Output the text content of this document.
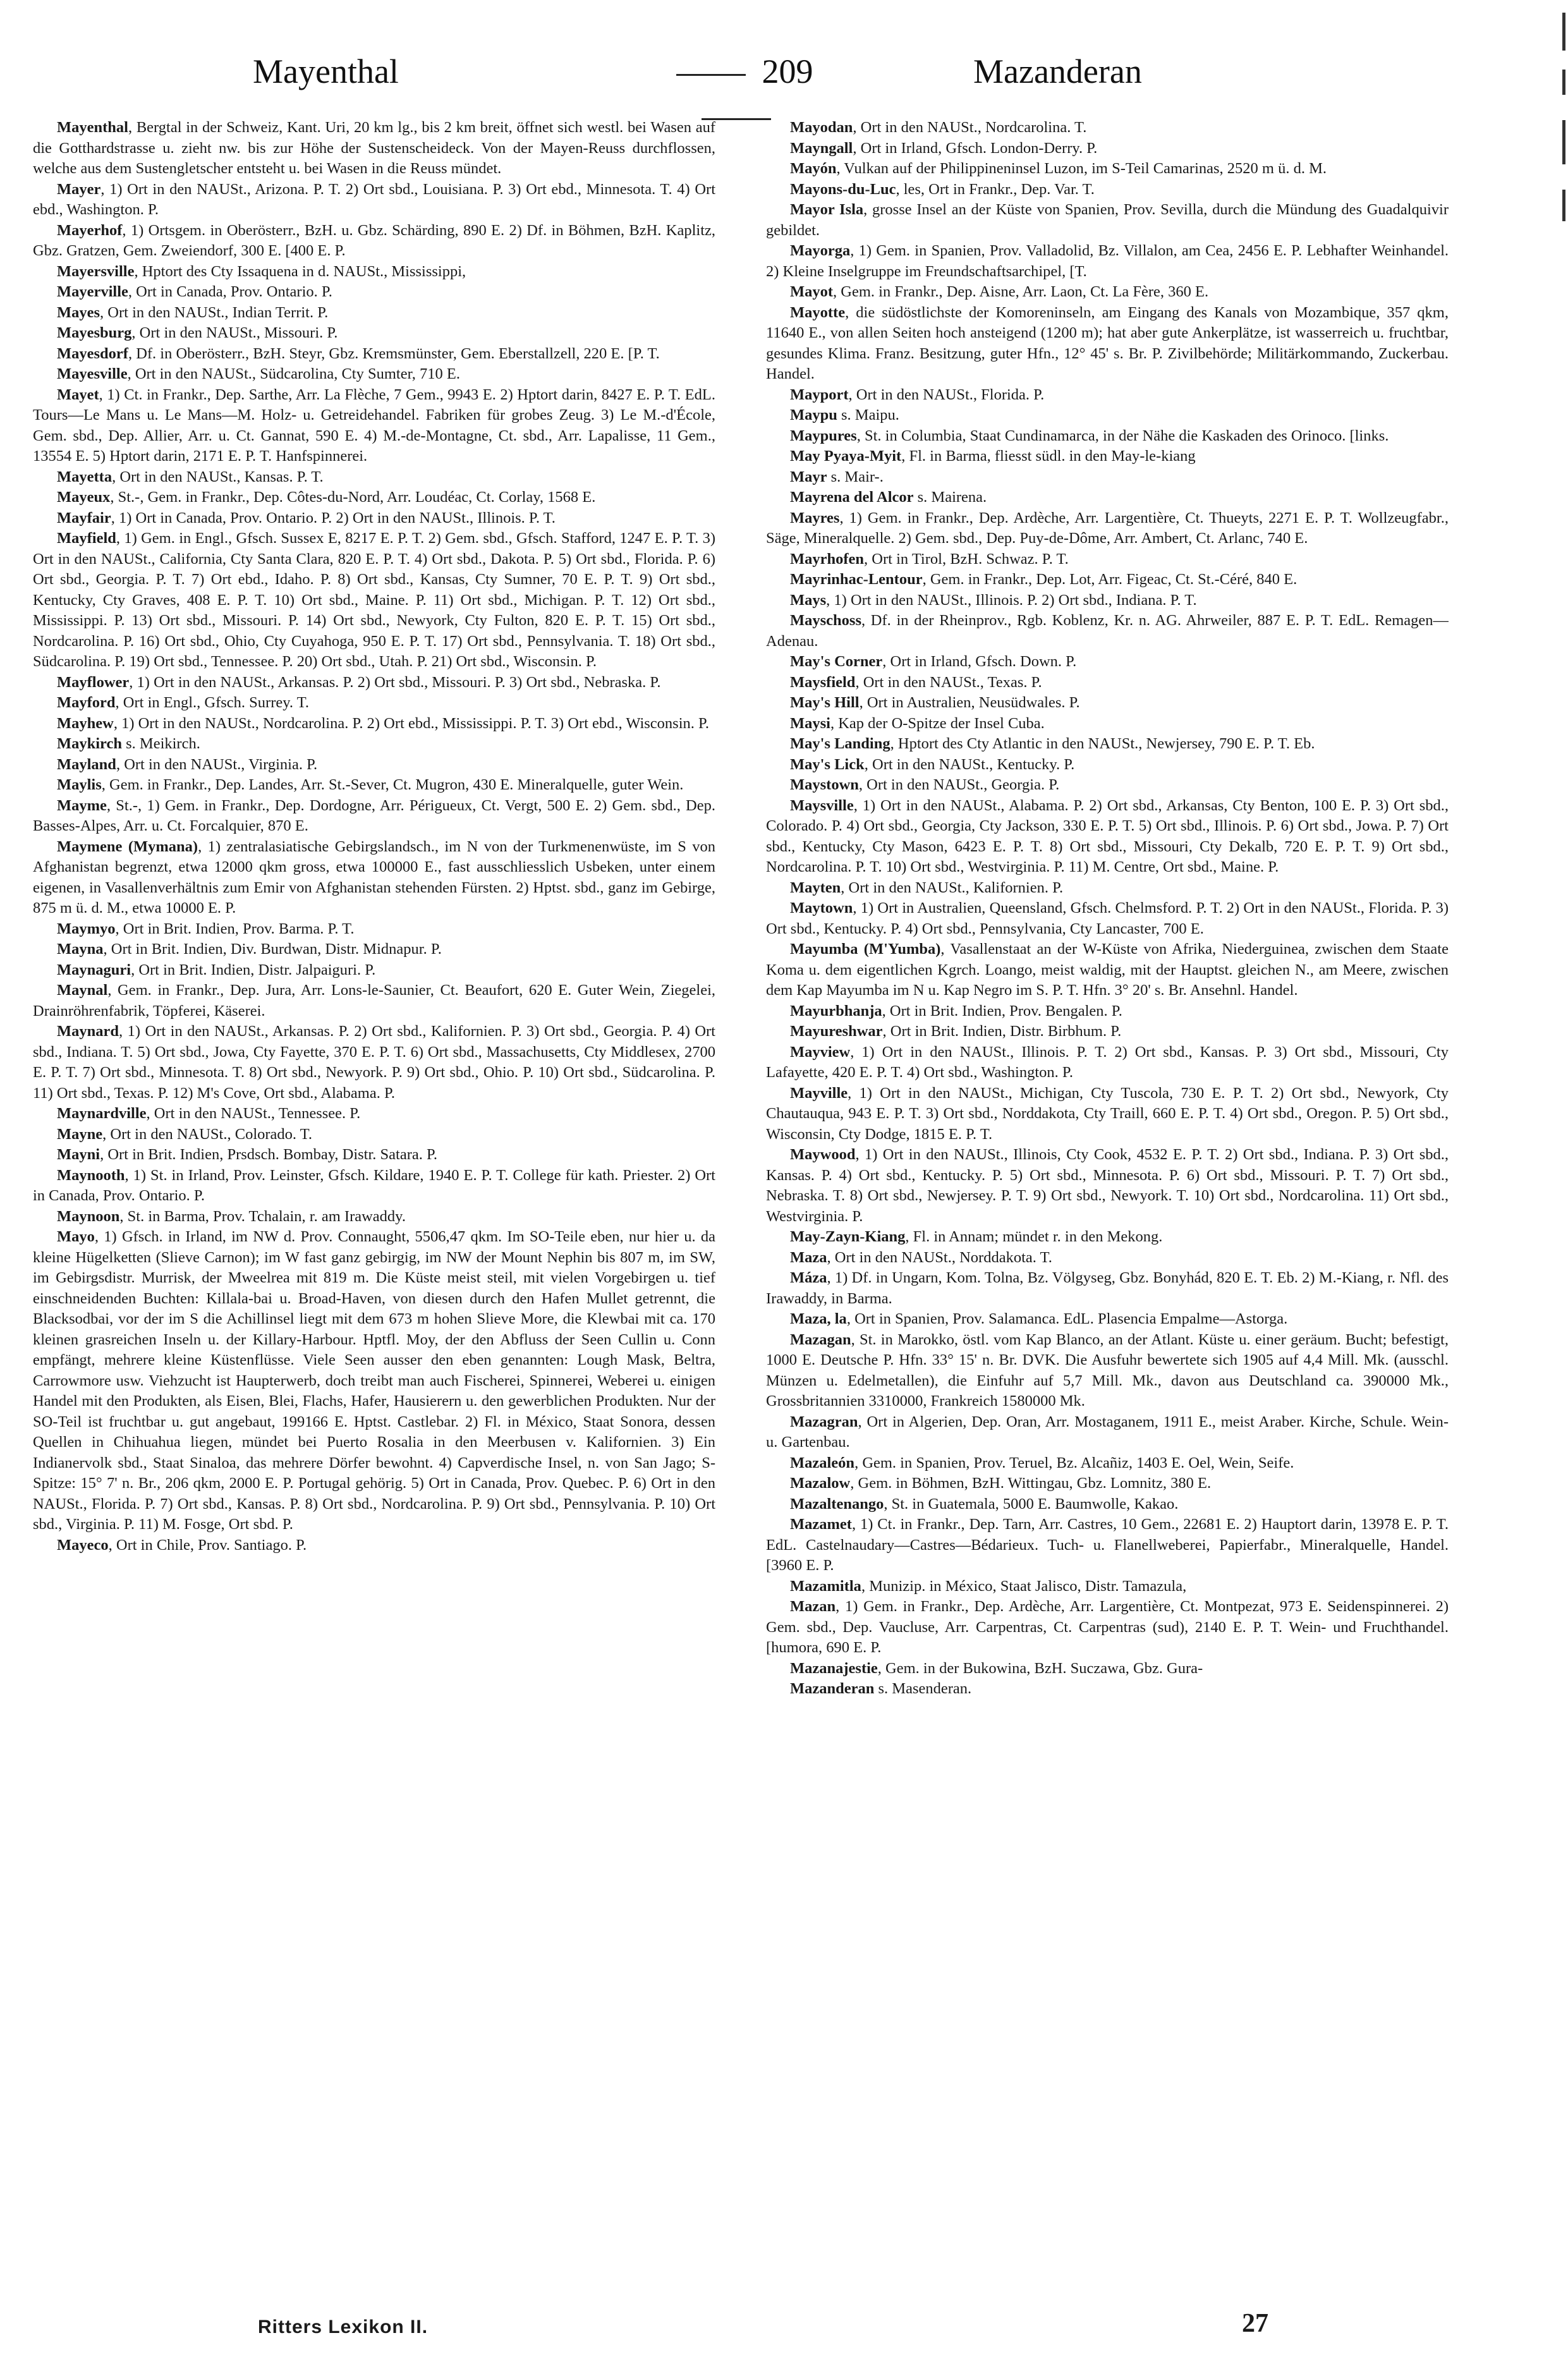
Mayenthal	209	Mazanderan

Mayenthal, Bergtal in der Schweiz, Kant. Uri, 20 km lg., bis 2 km breit, öffnet sich westl. bei Wasen auf die Gotthardstrasse u. zieht nw. bis zur Höhe der Sustenscheideck. Von der Mayen-Reuss durchflossen, welche aus dem Sustengletscher entsteht u. bei Wasen in die Reuss mündet.

Mayer, 1) Ort in den NAUSt., Arizona. P. T. 2) Ort sbd., Louisiana. P. 3) Ort ebd., Minnesota. T. 4) Ort ebd., Washington. P.

Mayerhof, 1) Ortsgem. in Oberösterr., BzH. u. Gbz. Schärding, 890 E. 2) Df. in Böhmen, BzH. Kaplitz, Gbz. Gratzen, Gem. Zweiendorf, 300 E. [400 E. P.

Mayersville, Hptort des Cty Issaquena in d. NAUSt., Mississippi,

Mayerville, Ort in Canada, Prov. Ontario. P.

Mayes, Ort in den NAUSt., Indian Territ. P.

Mayesburg, Ort in den NAUSt., Missouri. P.

Mayesdorf, Df. in Oberösterr., BzH. Steyr, Gbz. Kremsmünster, Gem. Eberstallzell, 220 E. [P. T.

Mayesville, Ort in den NAUSt., Südcarolina, Cty Sumter, 710 E.

Mayet, 1) Ct. in Frankr., Dep. Sarthe, Arr. La Flèche, 7 Gem., 9943 E. 2) Hptort darin, 8427 E. P. T. EdL. Tours—Le Mans u. Le Mans—M. Holz- u. Getreidehandel. Fabriken für grobes Zeug. 3) Le M.-d'École, Gem. sbd., Dep. Allier, Arr. u. Ct. Gannat, 590 E. 4) M.-de-Montagne, Ct. sbd., Arr. Lapalisse, 11 Gem., 13554 E. 5) Hptort darin, 2171 E. P. T. Hanfspinnerei.

Mayetta, Ort in den NAUSt., Kansas. P. T.

Mayeux, St.-, Gem. in Frankr., Dep. Côtes-du-Nord, Arr. Loudéac, Ct. Corlay, 1568 E.

Mayfair, 1) Ort in Canada, Prov. Ontario. P. 2) Ort in den NAUSt., Illinois. P. T.

Mayfield, 1) Gem. in Engl., Gfsch. Sussex E, 8217 E. P. T. 2) Gem. sbd., Gfsch. Stafford, 1247 E. P. T. 3) Ort in den NAUSt., California, Cty Santa Clara, 820 E. P. T. 4) Ort sbd., Dakota. P. 5) Ort sbd., Florida. P. 6) Ort sbd., Georgia. P. T. 7) Ort ebd., Idaho. P. 8) Ort sbd., Kansas, Cty Sumner, 70 E. P. T. 9) Ort sbd., Kentucky, Cty Graves, 408 E. P. T. 10) Ort sbd., Maine. P. 11) Ort sbd., Michigan. P. T. 12) Ort sbd., Mississippi. P. 13) Ort sbd., Missouri. P. 14) Ort sbd., Newyork, Cty Fulton, 820 E. P. T. 15) Ort sbd., Nordcarolina. P. 16) Ort sbd., Ohio, Cty Cuyahoga, 950 E. P. T. 17) Ort sbd., Pennsylvania. T. 18) Ort sbd., Südcarolina. P. 19) Ort sbd., Tennessee. P. 20) Ort sbd., Utah. P. 21) Ort sbd., Wisconsin. P.

Mayflower, 1) Ort in den NAUSt., Arkansas. P. 2) Ort sbd., Missouri. P. 3) Ort sbd., Nebraska. P.

Mayford, Ort in Engl., Gfsch. Surrey. T.

Mayhew, 1) Ort in den NAUSt., Nordcarolina. P. 2) Ort ebd., Mississippi. P. T. 3) Ort ebd., Wisconsin. P.

Maykirch s. Meikirch.

Mayland, Ort in den NAUSt., Virginia. P.

Maylis, Gem. in Frankr., Dep. Landes, Arr. St.-Sever, Ct. Mugron, 430 E. Mineralquelle, guter Wein.

Mayme, St.-, 1) Gem. in Frankr., Dep. Dordogne, Arr. Périgueux, Ct. Vergt, 500 E. 2) Gem. sbd., Dep. Basses-Alpes, Arr. u. Ct. Forcalquier, 870 E.

Maymene (Mymana), 1) zentralasiatische Gebirgslandsch., im N von der Turkmenenwüste, im S von Afghanistan begrenzt, etwa 12000 qkm gross, etwa 100000 E., fast ausschliesslich Usbeken, unter einem eigenen, in Vasallenverhältnis zum Emir von Afghanistan stehenden Fürsten. 2) Hptst. sbd., ganz im Gebirge, 875 m ü. d. M., etwa 10000 E. P.

Maymyo, Ort in Brit. Indien, Prov. Barma. P. T.

Mayna, Ort in Brit. Indien, Div. Burdwan, Distr. Midnapur. P.

Maynaguri, Ort in Brit. Indien, Distr. Jalpaiguri. P.

Maynal, Gem. in Frankr., Dep. Jura, Arr. Lons-le-Saunier, Ct. Beaufort, 620 E. Guter Wein, Ziegelei, Drainröhrenfabrik, Töpferei, Käserei.

Maynard, 1) Ort in den NAUSt., Arkansas. P. 2) Ort sbd., Kalifornien. P. 3) Ort sbd., Georgia. P. 4) Ort sbd., Indiana. T. 5) Ort sbd., Jowa, Cty Fayette, 370 E. P. T. 6) Ort sbd., Massachusetts, Cty Middlesex, 2700 E. P. T. 7) Ort sbd., Minnesota. T. 8) Ort sbd., Newyork. P. 9) Ort sbd., Ohio. P. 10) Ort sbd., Südcarolina. P. 11) Ort sbd., Texas. P. 12) M's Cove, Ort sbd., Alabama. P.

Maynardville, Ort in den NAUSt., Tennessee. P.

Mayne, Ort in den NAUSt., Colorado. T.

Mayni, Ort in Brit. Indien, Prsdsch. Bombay, Distr. Satara. P.

Maynooth, 1) St. in Irland, Prov. Leinster, Gfsch. Kildare, 1940 E. P. T. College für kath. Priester. 2) Ort in Canada, Prov. Ontario. P.

Maynoon, St. in Barma, Prov. Tchalain, r. am Irawaddy.

Mayo, 1) Gfsch. in Irland, im NW d. Prov. Connaught, 5506,47 qkm. Im SO-Teile eben, nur hier u. da kleine Hügelketten (Slieve Carnon); im W fast ganz gebirgig, im NW der Mount Nephin bis 807 m, im SW, im Gebirgsdistr. Murrisk, der Mweelrea mit 819 m. Die Küste meist steil, mit vielen Vorgebirgen u. tief einschneidenden Buchten: Killala-bai u. Broad-Haven, von diesen durch den Hafen Mullet getrennt, die Blacksodbai, vor der im S die Achillinsel liegt mit dem 673 m hohen Slieve More, die Klewbai mit ca. 170 kleinen grasreichen Inseln u. der Killary-Harbour. Hptfl. Moy, der den Abfluss der Seen Cullin u. Conn empfängt, mehrere kleine Küstenflüsse. Viele Seen ausser den eben genannten: Lough Mask, Beltra, Carrowmore usw. Viehzucht ist Haupterwerb, doch treibt man auch Fischerei, Spinnerei, Weberei u. einigen Handel mit den Produkten, als Eisen, Blei, Flachs, Hafer, Hausierern u. den gewerblichen Produkten. Nur der SO-Teil ist fruchtbar u. gut angebaut, 199166 E. Hptst. Castlebar. 2) Fl. in México, Staat Sonora, dessen Quellen in Chihuahua liegen, mündet bei Puerto Rosalia in den Meerbusen v. Kalifornien. 3) Ein Indianervolk sbd., Staat Sinaloa, das mehrere Dörfer bewohnt. 4) Capverdische Insel, n. von San Jago; S-Spitze: 15° 7' n. Br., 206 qkm, 2000 E. P. Portugal gehörig. 5) Ort in Canada, Prov. Quebec. P. 6) Ort in den NAUSt., Florida. P. 7) Ort sbd., Kansas. P. 8) Ort sbd., Nordcarolina. P. 9) Ort sbd., Pennsylvania. P. 10) Ort sbd., Virginia. P. 11) M. Fosge, Ort sbd. P.

Mayeco, Ort in Chile, Prov. Santiago. P.

Mayodan, Ort in den NAUSt., Nordcarolina. T.

Mayngall, Ort in Irland, Gfsch. London-Derry. P.

Mayón, Vulkan auf der Philippineninsel Luzon, im S-Teil Camarinas, 2520 m ü. d. M.

Mayons-du-Luc, les, Ort in Frankr., Dep. Var. T.

Mayor Isla, grosse Insel an der Küste von Spanien, Prov. Sevilla, durch die Mündung des Guadalquivir gebildet.

Mayorga, 1) Gem. in Spanien, Prov. Valladolid, Bz. Villalon, am Cea, 2456 E. P. Lebhafter Weinhandel. 2) Kleine Inselgruppe im Freundschaftsarchipel, [T.

Mayot, Gem. in Frankr., Dep. Aisne, Arr. Laon, Ct. La Fère, 360 E.

Mayotte, die südöstlichste der Komoreninseln, am Eingang des Kanals von Mozambique, 357 qkm, 11640 E., von allen Seiten hoch ansteigend (1200 m); hat aber gute Ankerplätze, ist wasserreich u. fruchtbar, gesundes Klima. Franz. Besitzung, guter Hfn., 12° 45' s. Br. P. Zivilbehörde; Militärkommando, Zuckerbau. Handel.

Mayport, Ort in den NAUSt., Florida. P.

Maypu s. Maipu.

Maypures, St. in Columbia, Staat Cundinamarca, in der Nähe die Kaskaden des Orinoco. [links.

May Pyaya-Myit, Fl. in Barma, fliesst südl. in den May-le-kiang

Mayr s. Mair-.

Mayrena del Alcor s. Mairena.

Mayres, 1) Gem. in Frankr., Dep. Ardèche, Arr. Largentière, Ct. Thueyts, 2271 E. P. T. Wollzeugfabr., Säge, Mineralquelle. 2) Gem. sbd., Dep. Puy-de-Dôme, Arr. Ambert, Ct. Arlanc, 740 E.

Mayrhofen, Ort in Tirol, BzH. Schwaz. P. T.

Mayrinhac-Lentour, Gem. in Frankr., Dep. Lot, Arr. Figeac, Ct. St.-Céré, 840 E.

Mays, 1) Ort in den NAUSt., Illinois. P. 2) Ort sbd., Indiana. P. T.

Mayschoss, Df. in der Rheinprov., Rgb. Koblenz, Kr. n. AG. Ahrweiler, 887 E. P. T. EdL. Remagen—Adenau.

May's Corner, Ort in Irland, Gfsch. Down. P.

Maysfield, Ort in den NAUSt., Texas. P.

May's Hill, Ort in Australien, Neusüdwales. P.

Maysi, Kap der O-Spitze der Insel Cuba.

May's Landing, Hptort des Cty Atlantic in den NAUSt., Newjersey, 790 E. P. T. Eb.

May's Lick, Ort in den NAUSt., Kentucky. P.

Maystown, Ort in den NAUSt., Georgia. P.

Maysville, 1) Ort in den NAUSt., Alabama. P. 2) Ort sbd., Arkansas, Cty Benton, 100 E. P. 3) Ort sbd., Colorado. P. 4) Ort sbd., Georgia, Cty Jackson, 330 E. P. T. 5) Ort sbd., Illinois. P. 6) Ort sbd., Jowa. P. 7) Ort sbd., Kentucky, Cty Mason, 6423 E. P. T. 8) Ort sbd., Missouri, Cty Dekalb, 720 E. P. T. 9) Ort sbd., Nordcarolina. P. T. 10) Ort sbd., Westvirginia. P. 11) M. Centre, Ort sbd., Maine. P.

Mayten, Ort in den NAUSt., Kalifornien. P.

Maytown, 1) Ort in Australien, Queensland, Gfsch. Chelmsford. P. T. 2) Ort in den NAUSt., Florida. P. 3) Ort sbd., Kentucky. P. 4) Ort sbd., Pennsylvania, Cty Lancaster, 700 E.

Mayumba (M'Yumba), Vasallenstaat an der W-Küste von Afrika, Niederguinea, zwischen dem Staate Koma u. dem eigentlichen Kgrch. Loango, meist waldig, mit der Hauptst. gleichen N., am Meere, zwischen dem Kap Mayumba im N u. Kap Negro im S. P. T. Hfn. 3° 20' s. Br. Ansehnl. Handel.

Mayurbhanja, Ort in Brit. Indien, Prov. Bengalen. P.

Mayureshwar, Ort in Brit. Indien, Distr. Birbhum. P.

Mayview, 1) Ort in den NAUSt., Illinois. P. T. 2) Ort sbd., Kansas. P. 3) Ort sbd., Missouri, Cty Lafayette, 420 E. P. T. 4) Ort sbd., Washington. P.

Mayville, 1) Ort in den NAUSt., Michigan, Cty Tuscola, 730 E. P. T. 2) Ort sbd., Newyork, Cty Chautauqua, 943 E. P. T. 3) Ort sbd., Norddakota, Cty Traill, 660 E. P. T. 4) Ort sbd., Oregon. P. 5) Ort sbd., Wisconsin, Cty Dodge, 1815 E. P. T.

Maywood, 1) Ort in den NAUSt., Illinois, Cty Cook, 4532 E. P. T. 2) Ort sbd., Indiana. P. 3) Ort sbd., Kansas. P. 4) Ort sbd., Kentucky. P. 5) Ort sbd., Minnesota. P. 6) Ort sbd., Missouri. P. T. 7) Ort sbd., Nebraska. T. 8) Ort sbd., Newjersey. P. T. 9) Ort sbd., Newyork. T. 10) Ort sbd., Nordcarolina. 11) Ort sbd., Westvirginia. P.

May-Zayn-Kiang, Fl. in Annam; mündet r. in den Mekong.

Maza, Ort in den NAUSt., Norddakota. T.

Máza, 1) Df. in Ungarn, Kom. Tolna, Bz. Völgyseg, Gbz. Bonyhád, 820 E. T. Eb. 2) M.-Kiang, r. Nfl. des Irawaddy, in Barma.

Maza, la, Ort in Spanien, Prov. Salamanca. EdL. Plasencia Empalme—Astorga.

Mazagan, St. in Marokko, östl. vom Kap Blanco, an der Atlant. Küste u. einer geräum. Bucht; befestigt, 1000 E. Deutsche P. Hfn. 33° 15' n. Br. DVK. Die Ausfuhr bewertete sich 1905 auf 4,4 Mill. Mk. (ausschl. Münzen u. Edelmetallen), die Einfuhr auf 5,7 Mill. Mk., davon aus Deutschland ca. 390000 Mk., Grossbritannien 3310000, Frankreich 1580000 Mk.

Mazagran, Ort in Algerien, Dep. Oran, Arr. Mostaganem, 1911 E., meist Araber. Kirche, Schule. Wein- u. Gartenbau.

Mazaleón, Gem. in Spanien, Prov. Teruel, Bz. Alcañiz, 1403 E. Oel, Wein, Seife.

Mazalow, Gem. in Böhmen, BzH. Wittingau, Gbz. Lomnitz, 380 E.

Mazaltenango, St. in Guatemala, 5000 E. Baumwolle, Kakao.

Mazamet, 1) Ct. in Frankr., Dep. Tarn, Arr. Castres, 10 Gem., 22681 E. 2) Hauptort darin, 13978 E. P. T. EdL. Castelnaudary—Castres—Bédarieux. Tuch- u. Flanellweberei, Papierfabr., Mineralquelle, Handel. [3960 E. P.

Mazamitla, Munizip. in México, Staat Jalisco, Distr. Tamazula,

Mazan, 1) Gem. in Frankr., Dep. Ardèche, Arr. Largentière, Ct. Montpezat, 973 E. Seidenspinnerei. 2) Gem. sbd., Dep. Vaucluse, Arr. Carpentras, Ct. Carpentras (sud), 2140 E. P. T. Wein- und Fruchthandel. [humora, 690 E. P.

Mazanajestie, Gem. in der Bukowina, BzH. Suczawa, Gbz. Gura-

Mazanderan s. Masenderan.

Ritters Lexikon II.	27
